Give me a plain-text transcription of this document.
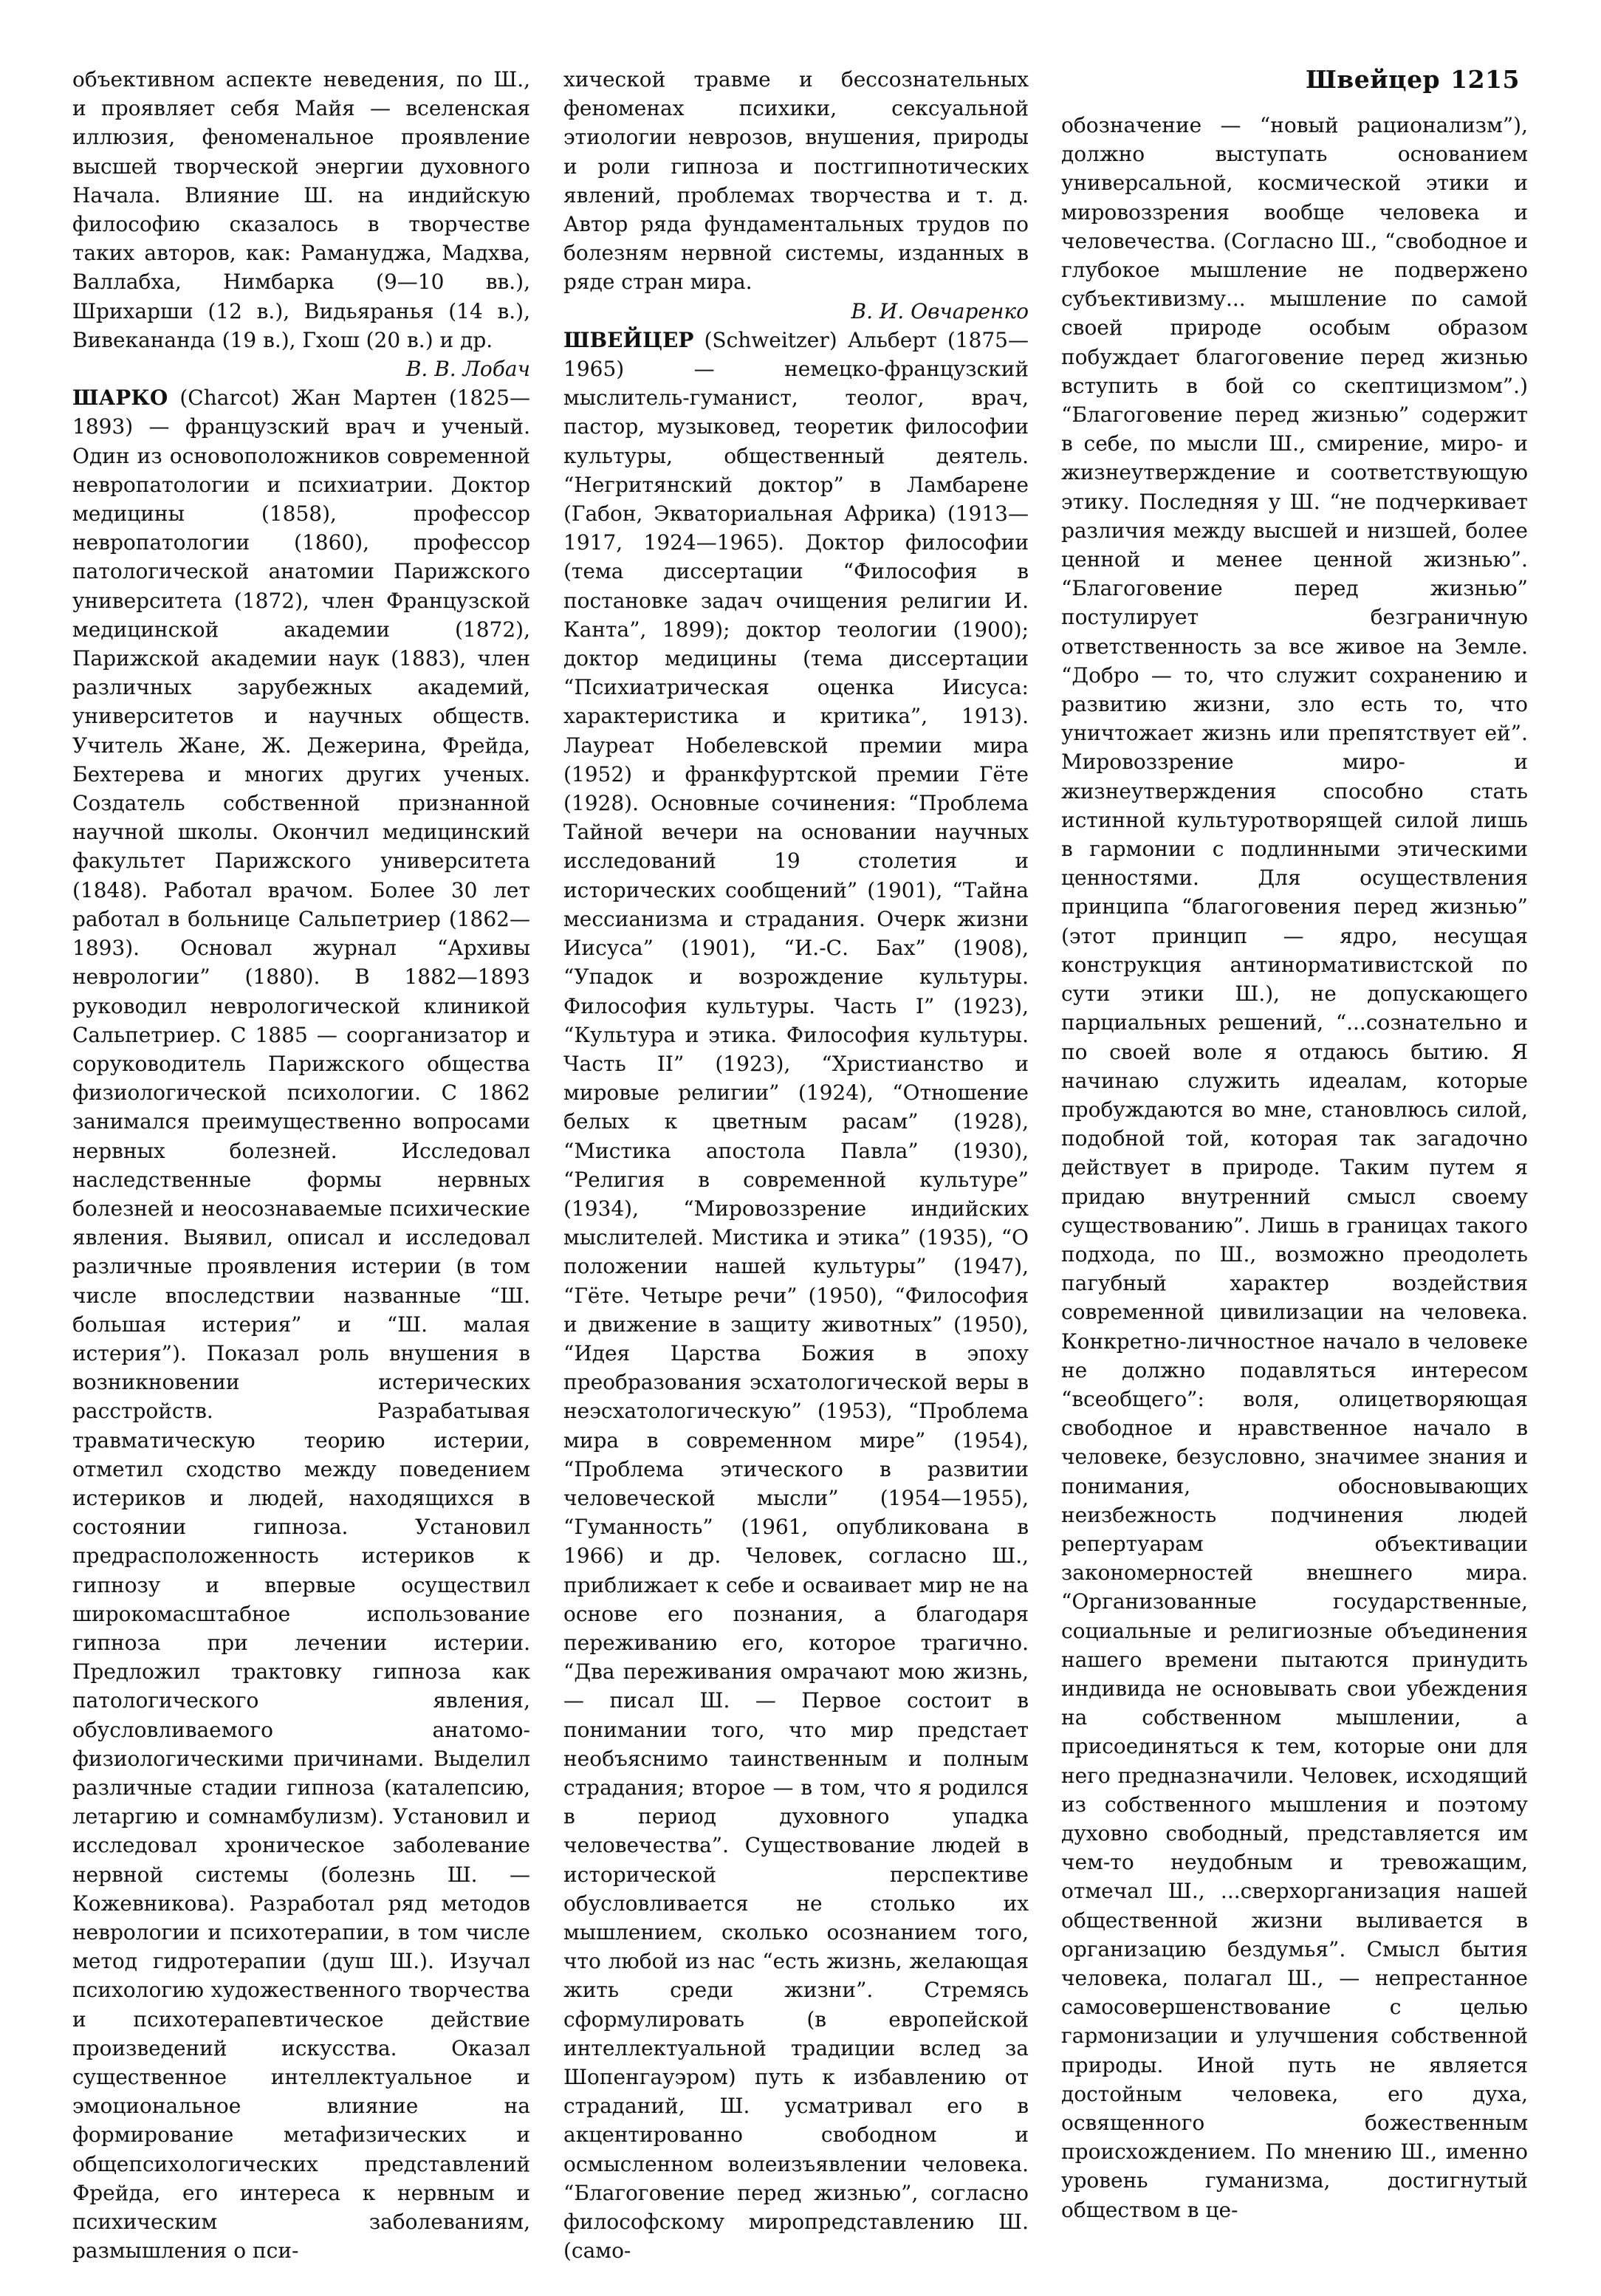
Швейцер 1215

объективном аспекте неведения, по Ш., и проявляет себя Майя — вселенская иллюзия, феноменальное проявление высшей творческой энергии духовного Начала. Влияние Ш. на индийскую философию сказалось в творчестве таких авторов, как: Рамануджа, Мадхва, Валлабха, Нимбарка (9—10 вв.), Шрихарши (12 в.), Видьяранья (14 в.), Вивекананда (19 в.), Гхош (20 в.) и др.

В. В. Лобач

ШАРКО (Charcot) Жан Мартен (1825—1893) — французский врач и ученый. Один из основоположников современной невропатологии и психиатрии. Доктор медицины (1858), профессор невропатологии (1860), профессор патологической анатомии Парижского университета (1872), член Французской медицинской академии (1872), Парижской академии наук (1883), член различных зарубежных академий, университетов и научных обществ. Учитель Жане, Ж. Дежерина, Фрейда, Бехтерева и многих других ученых. Создатель собственной признанной научной школы. Окончил медицинский факультет Парижского университета (1848). Работал врачом. Более 30 лет работал в больнице Сальпетриер (1862—1893). Основал журнал “Архивы неврологии” (1880). В 1882—1893 руководил неврологической клиникой Сальпетриер. С 1885 — соорганизатор и соруководитель Парижского общества физиологической психологии. С 1862 занимался преимущественно вопросами нервных болезней. Исследовал наследственные формы нервных болезней и неосознаваемые психические явления. Выявил, описал и исследовал различные проявления истерии (в том числе впоследствии названные “Ш. большая истерия” и “Ш. малая истерия”). Показал роль внушения в возникновении истерических расстройств. Разрабатывая травматическую теорию истерии, отметил сходство между поведением истериков и людей, находящихся в состоянии гипноза. Установил предрасположенность истериков к гипнозу и впервые осуществил широкомасштабное использование гипноза при лечении истерии. Предложил трактовку гипноза как патологического явления, обусловливаемого анатомо-физиологическими причинами. Выделил различные стадии гипноза (каталепсию, летаргию и сомнамбулизм). Установил и исследовал хроническое заболевание нервной системы (болезнь Ш. — Кожевникова). Разработал ряд методов неврологии и психотерапии, в том числе метод гидротерапии (душ Ш.). Изучал психологию художественного творчества и психотерапевтическое действие произведений искусства. Оказал существенное интеллектуальное и эмоциональное влияние на формирование метафизических и общепсихологических представлений Фрейда, его интереса к нервным и психическим заболеваниям, размышления о пси-

хической травме и бессознательных феноменах психики, сексуальной этиологии неврозов, внушения, природы и роли гипноза и постгипнотических явлений, проблемах творчества и т. д. Автор ряда фундаментальных трудов по болезням нервной системы, изданных в ряде стран мира.

В. И. Овчаренко

ШВЕЙЦЕР (Schweitzer) Альберт (1875—1965) — немецко-французский мыслитель-гуманист, теолог, врач, пастор, музыковед, теоретик философии культуры, общественный деятель. “Негритянский доктор” в Ламбарене (Габон, Экваториальная Африка) (1913—1917, 1924—1965). Доктор философии (тема диссертации “Философия в постановке задач очищения религии И. Канта”, 1899); доктор теологии (1900); доктор медицины (тема диссертации “Психиатрическая оценка Иисуса: характеристика и критика”, 1913). Лауреат Нобелевской премии мира (1952) и франкфуртской премии Гёте (1928). Основные сочинения: “Проблема Тайной вечери на основании научных исследований 19 столетия и исторических сообщений” (1901), “Тайна мессианизма и страдания. Очерк жизни Иисуса” (1901), “И.-С. Бах” (1908), “Упадок и возрождение культуры. Философия культуры. Часть I” (1923), “Культура и этика. Философия культуры. Часть II” (1923), “Христианство и мировые религии” (1924), “Отношение белых к цветным расам” (1928), “Мистика апостола Павла” (1930), “Религия в современной культуре” (1934), “Мировоззрение индийских мыслителей. Мистика и этика” (1935), “О положении нашей культуры” (1947), “Гёте. Четыре речи” (1950), “Философия и движение в защиту животных” (1950), “Идея Царства Божия в эпоху преобразования эсхатологической веры в неэсхатологическую” (1953), “Проблема мира в современном мире” (1954), “Проблема этического в развитии человеческой мысли” (1954—1955), “Гуманность” (1961, опубликована в 1966) и др. Человек, согласно Ш., приближает к себе и осваивает мир не на основе его познания, а благодаря переживанию его, которое трагично. “Два переживания омрачают мою жизнь, — писал Ш. — Первое состоит в понимании того, что мир предстает необъяснимо таинственным и полным страдания; второе — в том, что я родился в период духовного упадка человечества”. Существование людей в исторической перспективе обусловливается не столько их мышлением, сколько осознанием того, что любой из нас “есть жизнь, желающая жить среди жизни”. Стремясь сформулировать (в европейской интеллектуальной традиции вслед за Шопенгауэром) путь к избавлению от страданий, Ш. усматривал его в акцентированно свободном и осмысленном волеизъявлении человека. “Благоговение перед жизнью”, согласно философскому миропредставлению Ш. (само-

обозначение — “новый рационализм”), должно выступать основанием универсальной, космической этики и мировоззрения вообще человека и человечества. (Согласно Ш., “свободное и глубокое мышление не подвержено субъективизму... мышление по самой своей природе особым образом побуждает благоговение перед жизнью вступить в бой со скептицизмом”.) “Благоговение перед жизнью” содержит в себе, по мысли Ш., смирение, миро- и жизнеутверждение и соответствующую этику. Последняя у Ш. “не подчеркивает различия между высшей и низшей, более ценной и менее ценной жизнью”. “Благоговение перед жизнью” постулирует безграничную ответственность за все живое на Земле. “Добро — то, что служит сохранению и развитию жизни, зло есть то, что уничтожает жизнь или препятствует ей”. Мировоззрение миро- и жизнеутверждения способно стать истинной культуротворящей силой лишь в гармонии с подлинными этическими ценностями. Для осуществления принципа “благоговения перед жизнью” (этот принцип — ядро, несущая конструкция антинормативистской по сути этики Ш.), не допускающего парциальных решений, “...сознательно и по своей воле я отдаюсь бытию. Я начинаю служить идеалам, которые пробуждаются во мне, становлюсь силой, подобной той, которая так загадочно действует в природе. Таким путем я придаю внутренний смысл своему существованию”. Лишь в границах такого подхода, по Ш., возможно преодолеть пагубный характер воздействия современной цивилизации на человека. Конкретно-личностное начало в человеке не должно подавляться интересом “всеобщего”: воля, олицетворяющая свободное и нравственное начало в человеке, безусловно, значимее знания и понимания, обосновывающих неизбежность подчинения людей репертуарам объективации закономерностей внешнего мира. “Организованные государственные, социальные и религиозные объединения нашего времени пытаются принудить индивида не основывать свои убеждения на собственном мышлении, а присоединяться к тем, которые они для него предназначили. Человек, исходящий из собственного мышления и поэтому духовно свободный, представляется им чем-то неудобным и тревожащим, отмечал Ш., ...сверхорганизация нашей общественной жизни выливается в организацию бездумья”. Смысл бытия человека, полагал Ш., — непрестанное самосовершенствование с целью гармонизации и улучшения собственной природы. Иной путь не является достойным человека, его духа, освященного божественным происхождением. По мнению Ш., именно уровень гуманизма, достигнутый обществом в це-
